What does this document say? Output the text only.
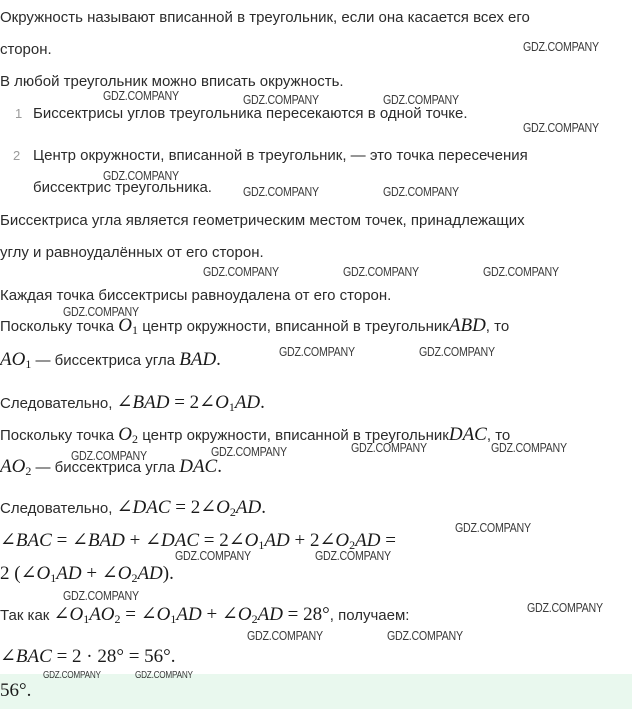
Окружность называют вписанной в треугольник, если она касается всех его
сторон.
В любой треугольник можно вписать окружность.
1 Биссектрисы углов треугольника пересекаются в одной точке.
2 Центр окружности, вписанной в треугольник, — это точка пересечения
биссектрис треугольника.
Биссектриса угла является геометрическим местом точек, принадлежащих
углу и равноудалённых от его сторон.
Каждая точка биссектрисы равноудалена от его сторон.
Поскольку точка $O_1$ центр окружности, вписанной в треугольникABD, то
$AO_1$ — биссектриса угла BAD.
Следовательно, ∠BAD = $2\angle O_1AD$.
Поскольку точка $O_2$ центр окружности, вписанной в треугольникDAC, то
$AO_2$ — биссектриса угла DAC.
Следовательно, ∠DAC = $2\angle O_2AD$.
∠BAC = ∠BAD + ∠DAC = $2\angle O_1AD$ + $2\angle O_2AD$ =
2 ($\angle O_1AD$ + $\angle O_2AD$).
Так как $\angle O_1AO_2$ = $\angle O_1AD$ + $\angle O_2AD = 28^\circ$, получаем:
∠BAC = 2 · 28° = 56°.
56°.
GDZ.COMPANY
GDZ.COMPANY	GDZ.COMPANY	GDZ.COMPANY
GDZ.COMPANY
GDZ.COMPANY
GDZ.COMPANY	GDZ.COMPANY
GDZ.COMPANY	GDZ.COMPANY	GDZ.COMPANY
GDZ.COMPANY
GDZ.COMPANY	GDZ.COMPANY
GDZ.COMPANY	GDZ.COMPANY
GDZ.COMPANY	GDZ.COMPANY
GDZ.COMPANY
GDZ.COMPANY	GDZ.COMPANY
GDZ.COMPANY
GDZ.COMPANY
GDZ.COMPANY	GDZ.COMPANY
GDZ.COMPANY	GDZ.COMPANY
